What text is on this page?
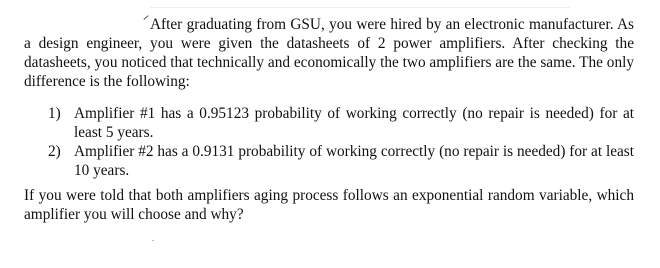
After graduating from GSU, you were hired by an electronic manufacturer. As a design engineer, you were given the datasheets of 2 power amplifiers. After checking the datasheets, you noticed that technically and economically the two amplifiers are the same. The only difference is the following:

1) Amplifier #1 has a 0.95123 probability of working correctly (no repair is needed) for at least 5 years.
2) Amplifier #2 has a 0.9131 probability of working correctly (no repair is needed) for at least 10 years.

If you were told that both amplifiers aging process follows an exponential random variable, which amplifier you will choose and why?
